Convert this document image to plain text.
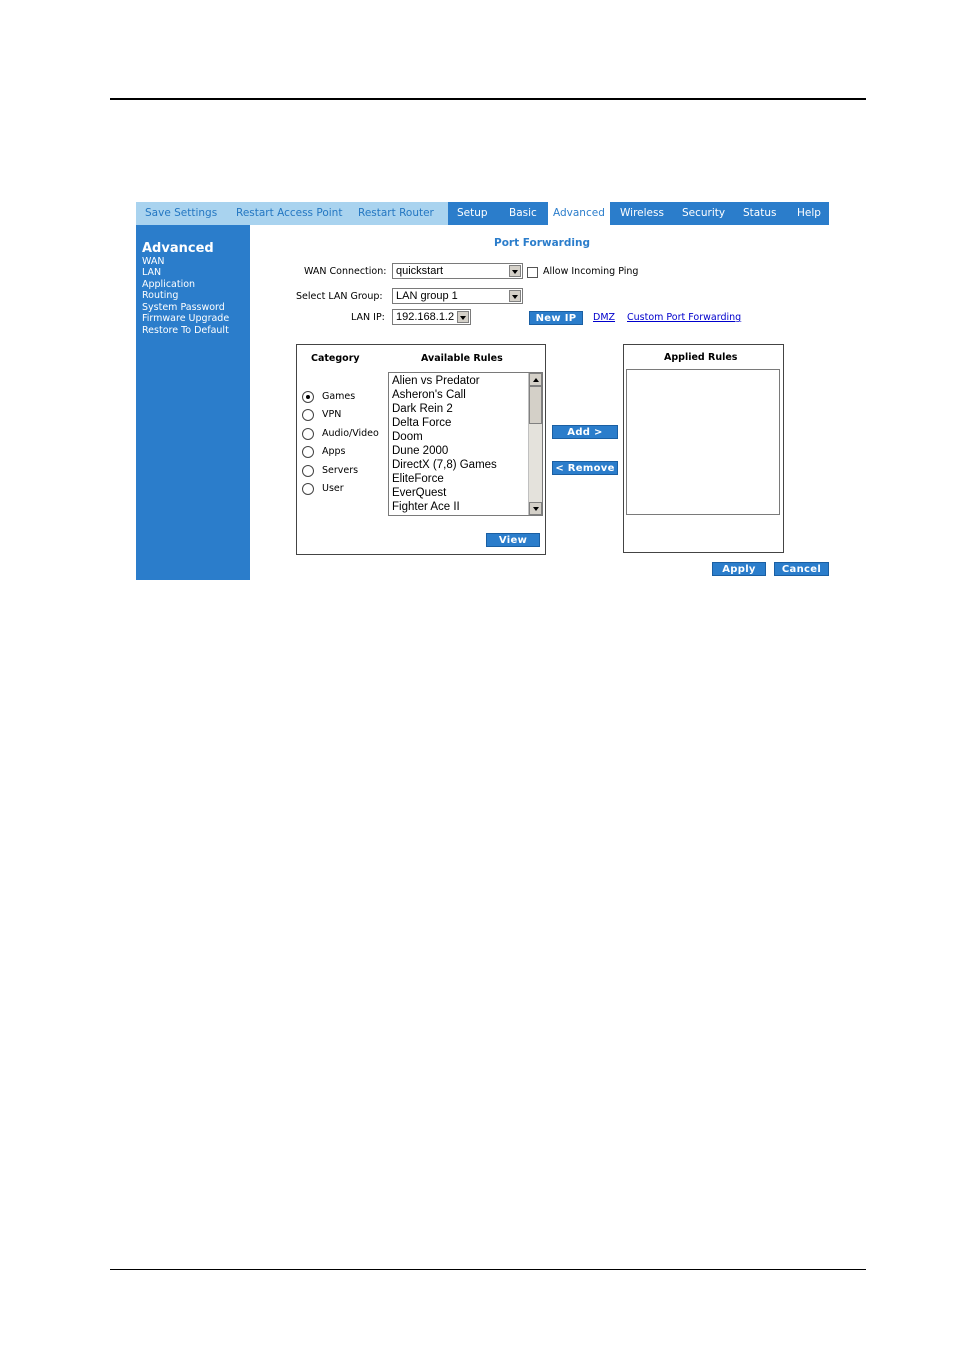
Save Settings Restart Access Point Restart Router Setup Basic	Advanced	Wireless Security Status Help
Advanced
WAN
LAN
Application
Routing
System Password
Firmware Upgrade
Restore To Default
Port Forwarding
WAN Connection: quickstart	Allow Incoming Ping
Select LAN Group:	LAN group 1
LAN IP:	192.168.1.2	New IP	DMZ Custom Port Forwarding
Category	Available Rules
Games
VPN
Audio/Video
Apps
Servers
User
Alien vs Predator
Asheron's Call
Dark Rein 2
Delta Force
Doom
Dune 2000
DirectX (7,8) Games
EliteForce
EverQuest
Fighter Ace II
View
Add >
< Remove
Applied Rules
Apply	Cancel
